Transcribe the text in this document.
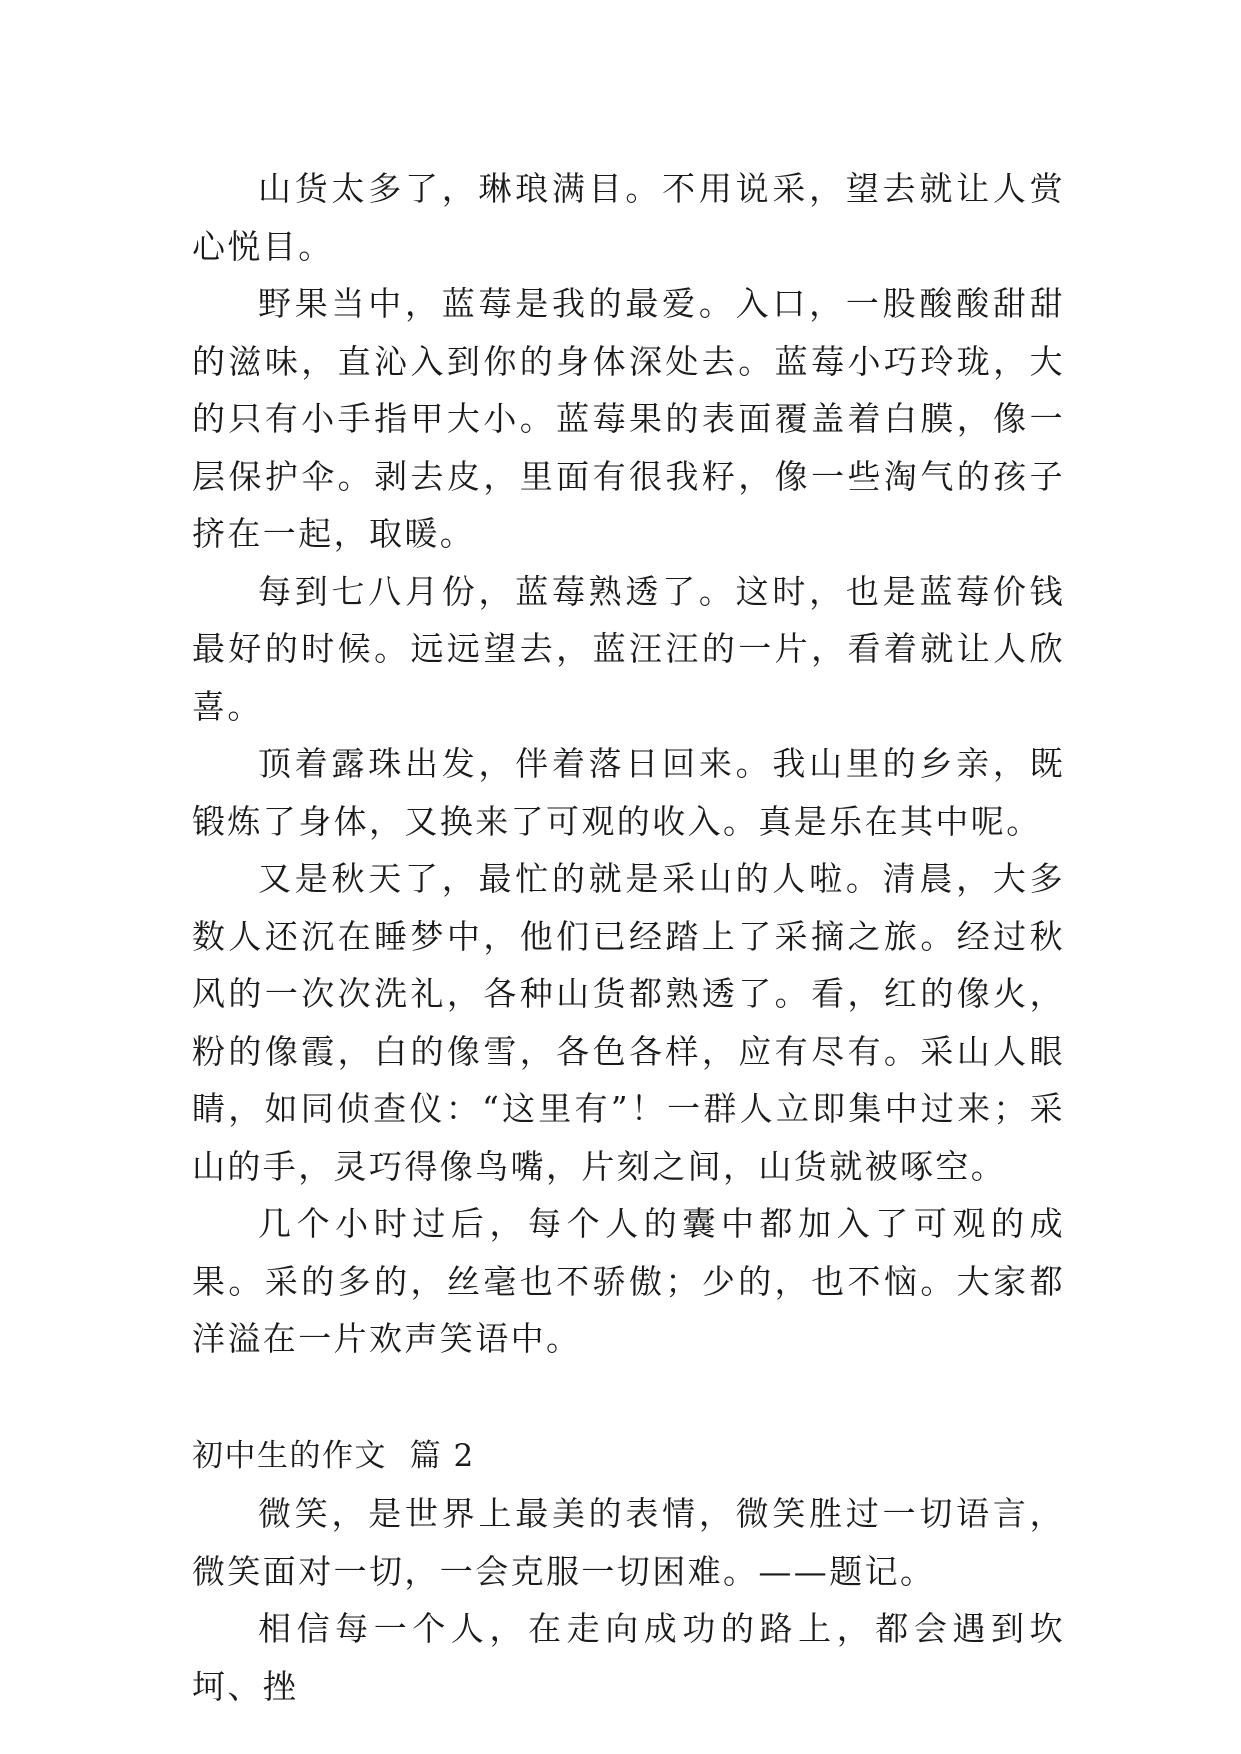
山货太多了，琳琅满目。不用说采，望去就让人赏心悦目。

野果当中，蓝莓是我的最爱。入口，一股酸酸甜甜的滋味，直沁入到你的身体深处去。蓝莓小巧玲珑，大的只有小手指甲大小。蓝莓果的表面覆盖着白膜，像一层保护伞。剥去皮，里面有很我籽，像一些淘气的孩子挤在一起，取暖。

每到七八月份，蓝莓熟透了。这时，也是蓝莓价钱最好的时候。远远望去，蓝汪汪的一片，看着就让人欣喜。

顶着露珠出发，伴着落日回来。我山里的乡亲，既锻炼了身体，又换来了可观的收入。真是乐在其中呢。

又是秋天了，最忙的就是采山的人啦。清晨，大多数人还沉在睡梦中，他们已经踏上了采摘之旅。经过秋风的一次次洗礼，各种山货都熟透了。看，红的像火，粉的像霞，白的像雪，各色各样，应有尽有。采山人眼睛，如同侦查仪：“这里有”！一群人立即集中过来；采山的手，灵巧得像鸟嘴，片刻之间，山货就被啄空。

几个小时过后，每个人的囊中都加入了可观的成果。采的多的，丝毫也不骄傲；少的，也不恼。大家都洋溢在一片欢声笑语中。

初中生的作文  篇 2

微笑，是世界上最美的表情，微笑胜过一切语言，微笑面对一切，一会克服一切困难。——题记。

相信每一个人，在走向成功的路上，都会遇到坎坷、挫
